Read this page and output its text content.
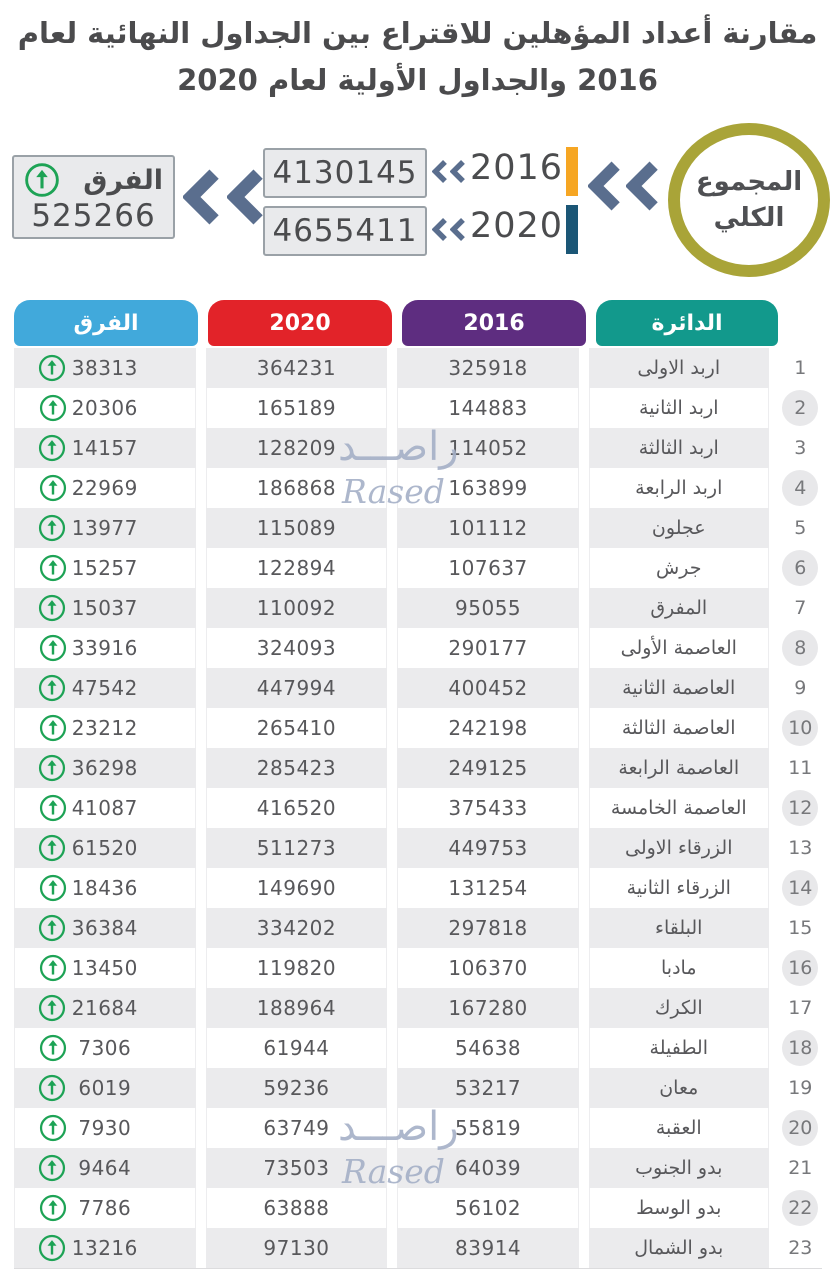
مقارنة أعداد المؤهلين للاقتراع بين الجداول النهائية لعام
2016 والجداول الأولية لعام 2020
المجموع الكلي
2016
4130145
2020
4655411
الفرق
525266
الفرق	2020	2016	الدائرة
38313	364231	325918	اربد الاولى	1
20306	165189	144883	اربد الثانية	2
14157	128209	114052	اربد الثالثة	3
22969	186868	163899	اربد الرابعة	4
13977	115089	101112	عجلون	5
15257	122894	107637	جرش	6
15037	110092	95055	المفرق	7
33916	324093	290177	العاصمة الأولى	8
47542	447994	400452	العاصمة الثانية	9
23212	265410	242198	العاصمة الثالثة	10
36298	285423	249125	العاصمة الرابعة	11
41087	416520	375433	العاصمة الخامسة	12
61520	511273	449753	الزرقاء الاولى	13
18436	149690	131254	الزرقاء الثانية	14
36384	334202	297818	البلقاء	15
13450	119820	106370	مادبا	16
21684	188964	167280	الكرك	17
7306	61944	54638	الطفيلة	18
6019	59236	53217	معان	19
7930	63749	55819	العقبة	20
9464	73503	64039	بدو الجنوب	21
7786	63888	56102	بدو الوسط	22
13216	97130	83914	بدو الشمال	23
راصـــد
Rased
راصـــد
Rased
